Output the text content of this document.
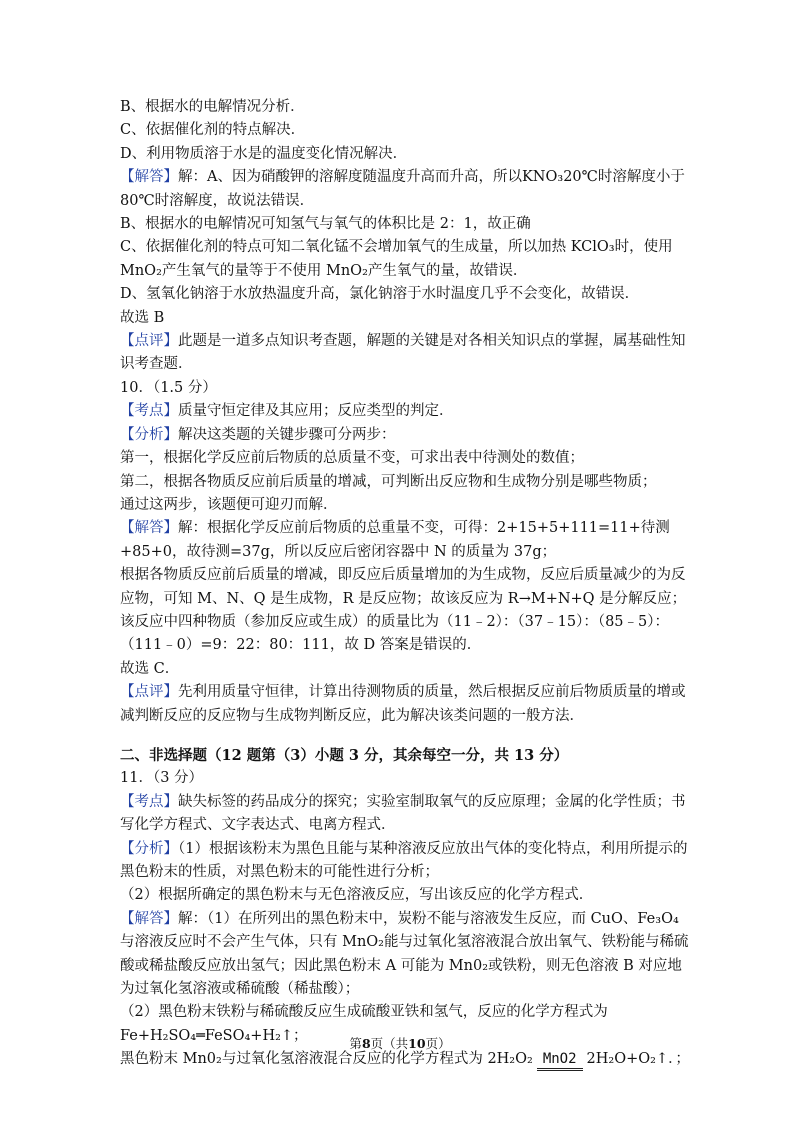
B、根据水的电解情况分析．
C、依据催化剂的特点解决．
D、利用物质溶于水是的温度变化情况解决．
【解答】解：A、因为硝酸钾的溶解度随温度升高而升高，所以KNO₃20℃时溶解度小于 80℃时溶解度，故说法错误．
B、根据水的电解情况可知氢气与氧气的体积比是 2：1，故正确
C、依据催化剂的特点可知二氧化锰不会增加氧气的生成量，所以加热 KClO₃时，使用 MnO₂产生氧气的量等于不使用 MnO₂产生氧气的量，故错误．
D、氢氧化钠溶于水放热温度升高，氯化钠溶于水时温度几乎不会变化，故错误．
故选 B
【点评】此题是一道多点知识考查题，解题的关键是对各相关知识点的掌握，属基础性知识考查题．
10．（1.5 分）
【考点】质量守恒定律及其应用；反应类型的判定．
【分析】解决这类题的关键步骤可分两步：
第一，根据化学反应前后物质的总质量不变，可求出表中待测处的数值；
第二，根据各物质反应前后质量的增减，可判断出反应物和生成物分别是哪些物质；
通过这两步，该题便可迎刃而解．
【解答】解：根据化学反应前后物质的总重量不变，可得：2+15+5+111=11+待测+85+0，故待测=37g，所以反应后密闭容器中 N 的质量为 37g；
根据各物质反应前后质量的增减，即反应后质量增加的为生成物，反应后质量减少的为反应物，可知 M、N、Q 是生成物，R 是反应物；故该反应为 R→M+N+Q 是分解反应；
该反应中四种物质（参加反应或生成）的质量比为（11﹣2）：（37﹣15）：（85﹣5）：（111﹣0）=9：22：80：111，故 D 答案是错误的．
故选 C．
【点评】先利用质量守恒律，计算出待测物质的质量，然后根据反应前后物质质量的增或减判断反应的反应物与生成物判断反应，此为解决该类问题的一般方法．
二、非选择题（12 题第（3）小题 3 分，其余每空一分，共 13 分）
11．（3 分）
【考点】缺失标签的药品成分的探究；实验室制取氧气的反应原理；金属的化学性质；书写化学方程式、文字表达式、电离方程式．
【分析】（1）根据该粉末为黑色且能与某种溶液反应放出气体的变化特点，利用所提示的黑色粉末的性质，对黑色粉末的可能性进行分析；
（2）根据所确定的黑色粉末与无色溶液反应，写出该反应的化学方程式．
【解答】解：（1）在所列出的黑色粉末中，炭粉不能与溶液发生反应，而 CuO、Fe₃O₄与溶液反应时不会产生气体，只有 MnO₂能与过氧化氢溶液混合放出氧气、铁粉能与稀硫酸或稀盐酸反应放出氢气；因此黑色粉末 A 可能为 Mn0₂或铁粉，则无色溶液 B 对应地为过氧化氢溶液或稀硫酸（稀盐酸）；
（2）黑色粉末铁粉与稀硫酸反应生成硫酸亚铁和氢气，反应的化学方程式为
Fe+H₂SO₄═FeSO₄+H₂↑；
黑色粉末 Mn0₂与过氧化氢溶液混合反应的化学方程式为 2H₂O₂ MnO2 2H₂O+O₂↑．；
第8页（共10页）
